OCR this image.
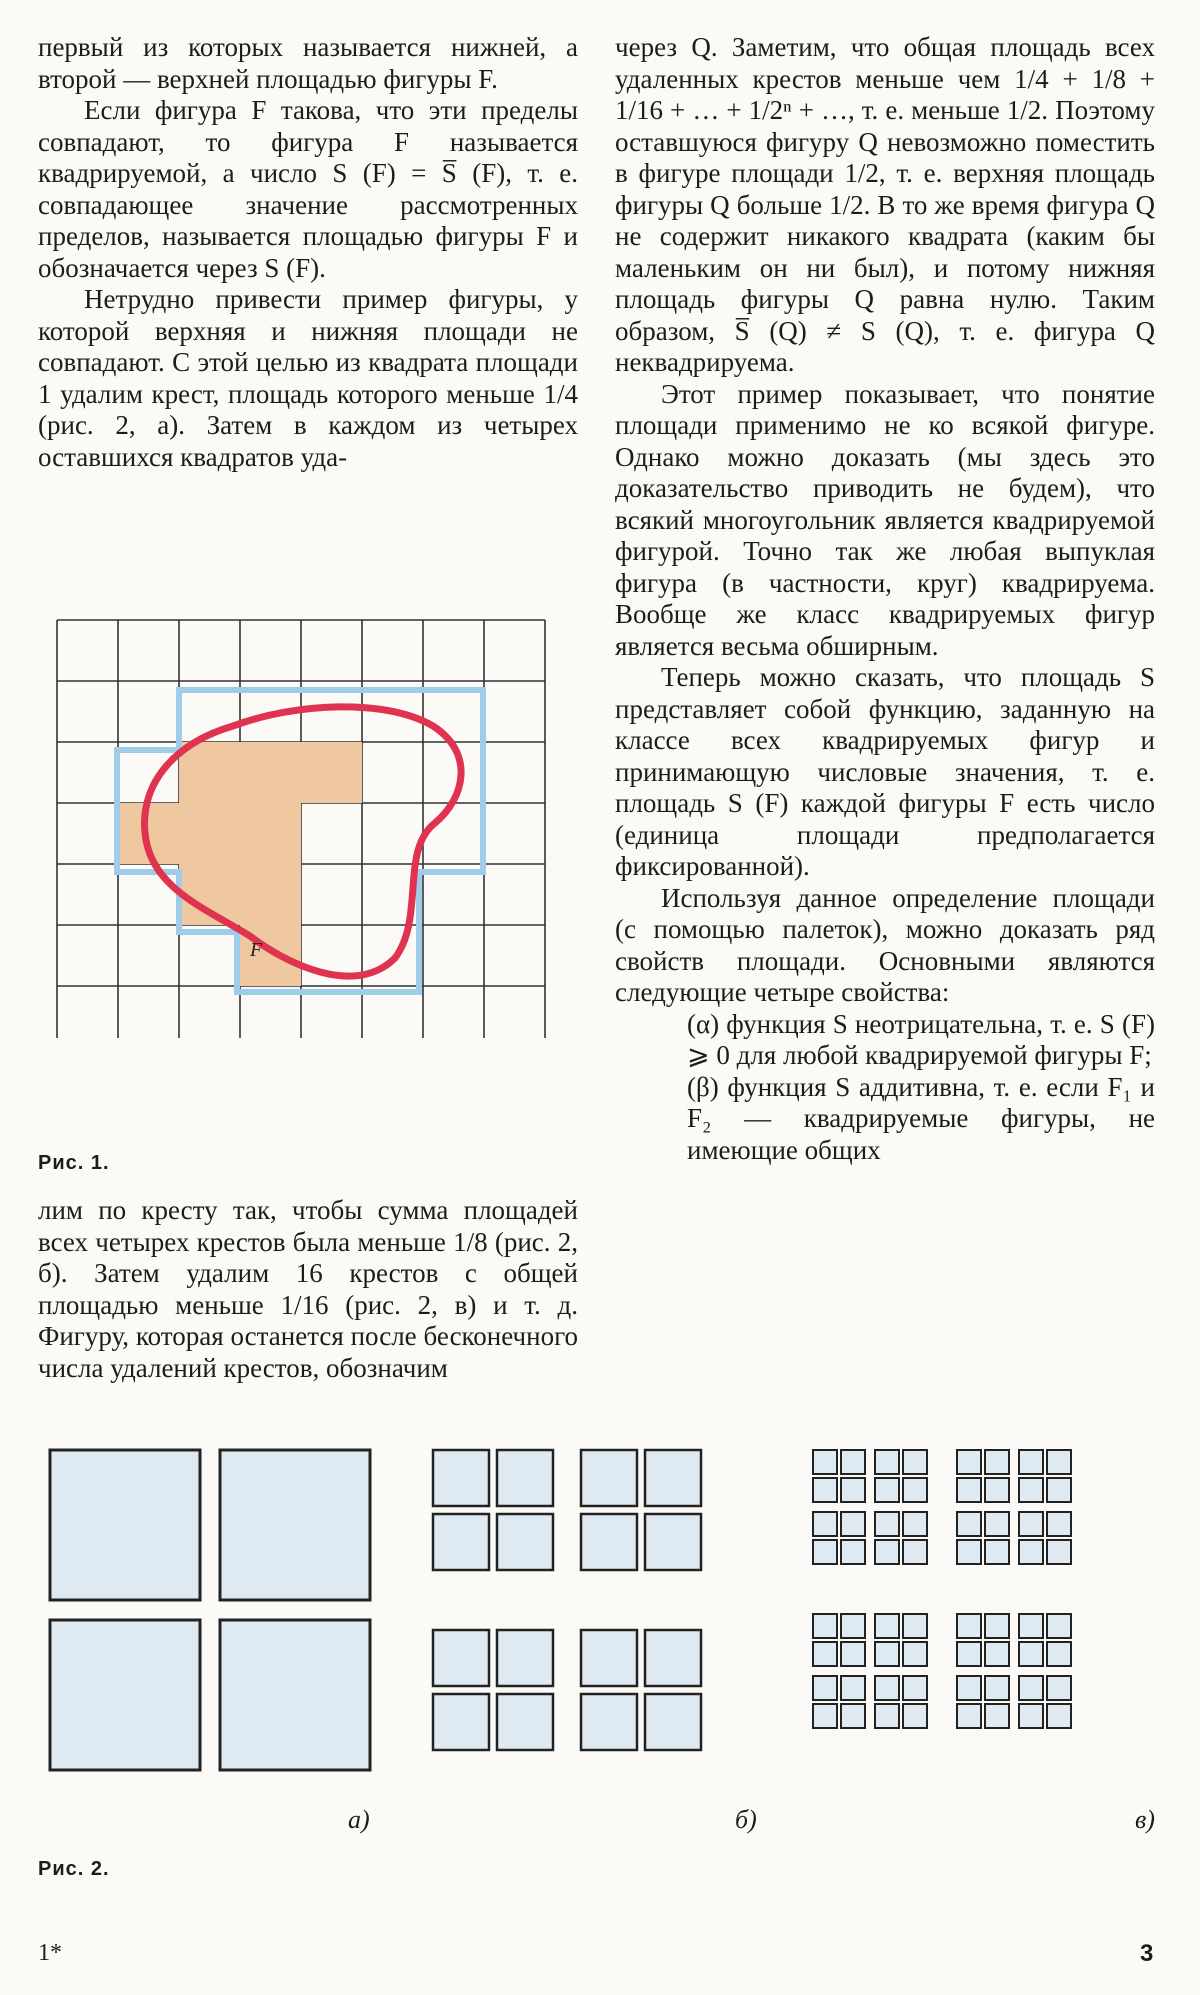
первый из которых называется нижней, а второй — верхней площадью фигуры F.

Если фигура F такова, что эти пределы совпадают, то фигура F называется квадрируемой, а число S (F) = S̅ (F), т. е. совпадающее значение рассмотренных пределов, называется площадью фигуры F и обозначается через S (F).

Нетрудно привести пример фигуры, у которой верхняя и нижняя площади не совпадают. С этой целью из квадрата площади 1 удалим крест, площадь которого меньше 1/4 (рис. 2, а). Затем в каждом из четырех оставшихся квадратов уда-

F
Рис. 1.

лим по кресту так, чтобы сумма площадей всех четырех крестов была меньше 1/8 (рис. 2, б). Затем удалим 16 крестов с общей площадью меньше 1/16 (рис. 2, в) и т. д. Фигуру, которая останется после бесконечного числа удалений крестов, обозначим

через Q. Заметим, что общая площадь всех удаленных крестов меньше чем 1/4 + 1/8 + 1/16 + … + 1/2ⁿ + …, т. е. меньше 1/2. Поэтому оставшуюся фигуру Q невозможно поместить в фигуре площади 1/2, т. е. верхняя площадь фигуры Q больше 1/2. В то же время фигура Q не содержит никакого квадрата (каким бы маленьким он ни был), и потому нижняя площадь фигуры Q равна нулю. Таким образом, S̅ (Q) ≠ S (Q), т. е. фигура Q неквадрируема.

Этот пример показывает, что понятие площади применимо не ко всякой фигуре. Однако можно доказать (мы здесь это доказательство приводить не будем), что всякий многоугольник является квадрируемой фигурой. Точно так же любая выпуклая фигура (в частности, круг) квадрируема. Вообще же класс квадрируемых фигур является весьма обширным.

Теперь можно сказать, что площадь S представляет собой функцию, заданную на классе всех квадрируемых фигур и принимающую числовые значения, т. е. площадь S (F) каждой фигуры F есть число (единица площади предполагается фиксированной).

Используя данное определение площади (с помощью палеток), можно доказать ряд свойств площади. Основными являются следующие четыре свойства:

(α) функция S неотрицательна, т. е. S (F) ⩾ 0 для любой квадрируемой фигуры F;

(β) функция S аддитивна, т. е. если F₁ и F₂ — квадрируемые фигуры, не имеющие общих

а)	б)	в)
Рис. 2.
1*	3
